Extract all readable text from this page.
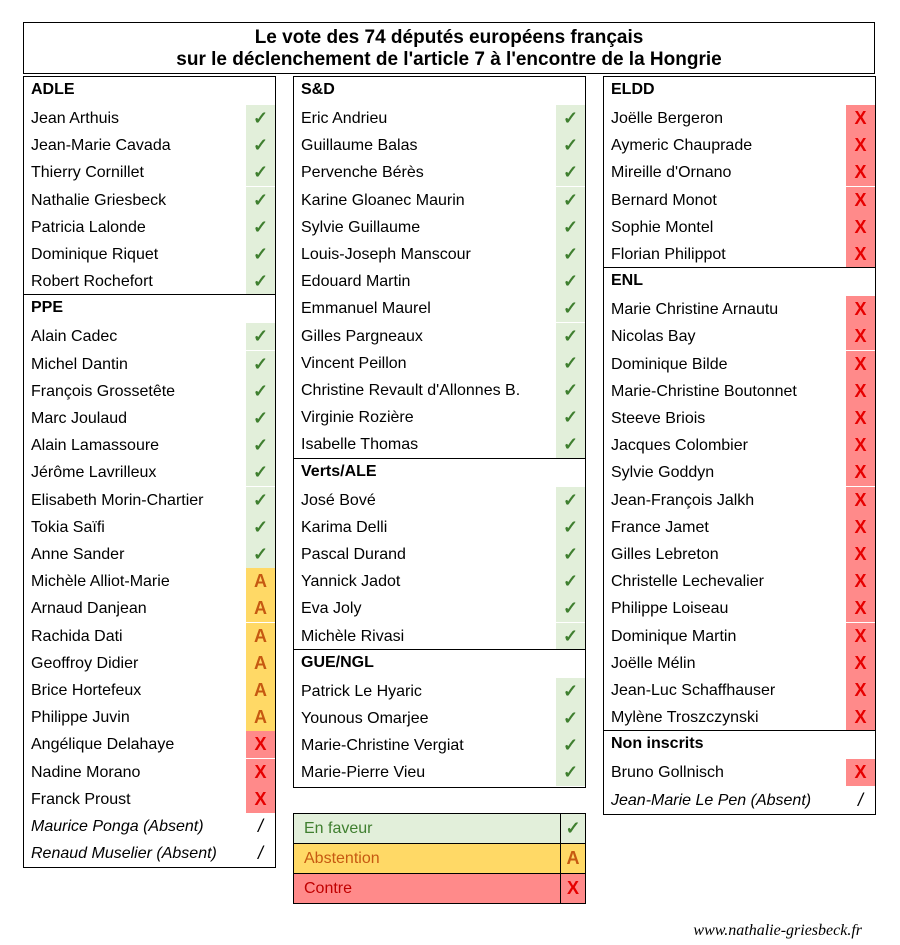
Le vote des 74 députés européens français
sur le déclenchement de l'article 7 à l'encontre de la Hongrie
ADLE
Jean Arthuis	✓
Jean-Marie Cavada	✓
Thierry Cornillet	✓
Nathalie Griesbeck	✓
Patricia Lalonde	✓
Dominique Riquet	✓
Robert Rochefort	✓
PPE
Alain Cadec	✓
Michel Dantin	✓
François Grossetête	✓
Marc Joulaud	✓
Alain Lamassoure	✓
Jérôme Lavrilleux	✓
Elisabeth Morin-Chartier	✓
Tokia Saïfi	✓
Anne Sander	✓
Michèle Alliot-Marie	A
Arnaud Danjean	A
Rachida Dati	A
Geoffroy Didier	A
Brice Hortefeux	A
Philippe Juvin	A
Angélique Delahaye	X
Nadine Morano	X
Franck Proust	X
Maurice Ponga (Absent)	/
Renaud Muselier (Absent)	/
S&D
Eric Andrieu	✓
Guillaume Balas	✓
Pervenche Bérès	✓
Karine Gloanec Maurin	✓
Sylvie Guillaume	✓
Louis-Joseph Manscour	✓
Edouard Martin	✓
Emmanuel Maurel	✓
Gilles Pargneaux	✓
Vincent Peillon	✓
Christine Revault d'Allonnes B.	✓
Virginie Rozière	✓
Isabelle Thomas	✓
Verts/ALE
José Bové	✓
Karima Delli	✓
Pascal Durand	✓
Yannick Jadot	✓
Eva Joly	✓
Michèle Rivasi	✓
GUE/NGL
Patrick Le Hyaric	✓
Younous Omarjee	✓
Marie-Christine Vergiat	✓
Marie-Pierre Vieu	✓
ELDD
Joëlle Bergeron	X
Aymeric Chauprade	X
Mireille d'Ornano	X
Bernard Monot	X
Sophie Montel	X
Florian Philippot	X
ENL
Marie Christine Arnautu	X
Nicolas Bay	X
Dominique Bilde	X
Marie-Christine Boutonnet	X
Steeve Briois	X
Jacques Colombier	X
Sylvie Goddyn	X
Jean-François Jalkh	X
France Jamet	X
Gilles Lebreton	X
Christelle Lechevalier	X
Philippe Loiseau	X
Dominique Martin	X
Joëlle Mélin	X
Jean-Luc Schaffhauser	X
Mylène Troszczynski	X
Non inscrits
Bruno Gollnisch	X
Jean-Marie Le Pen (Absent)	/
En faveur	✓
Abstention	A
Contre	X
www.nathalie-griesbeck.fr
